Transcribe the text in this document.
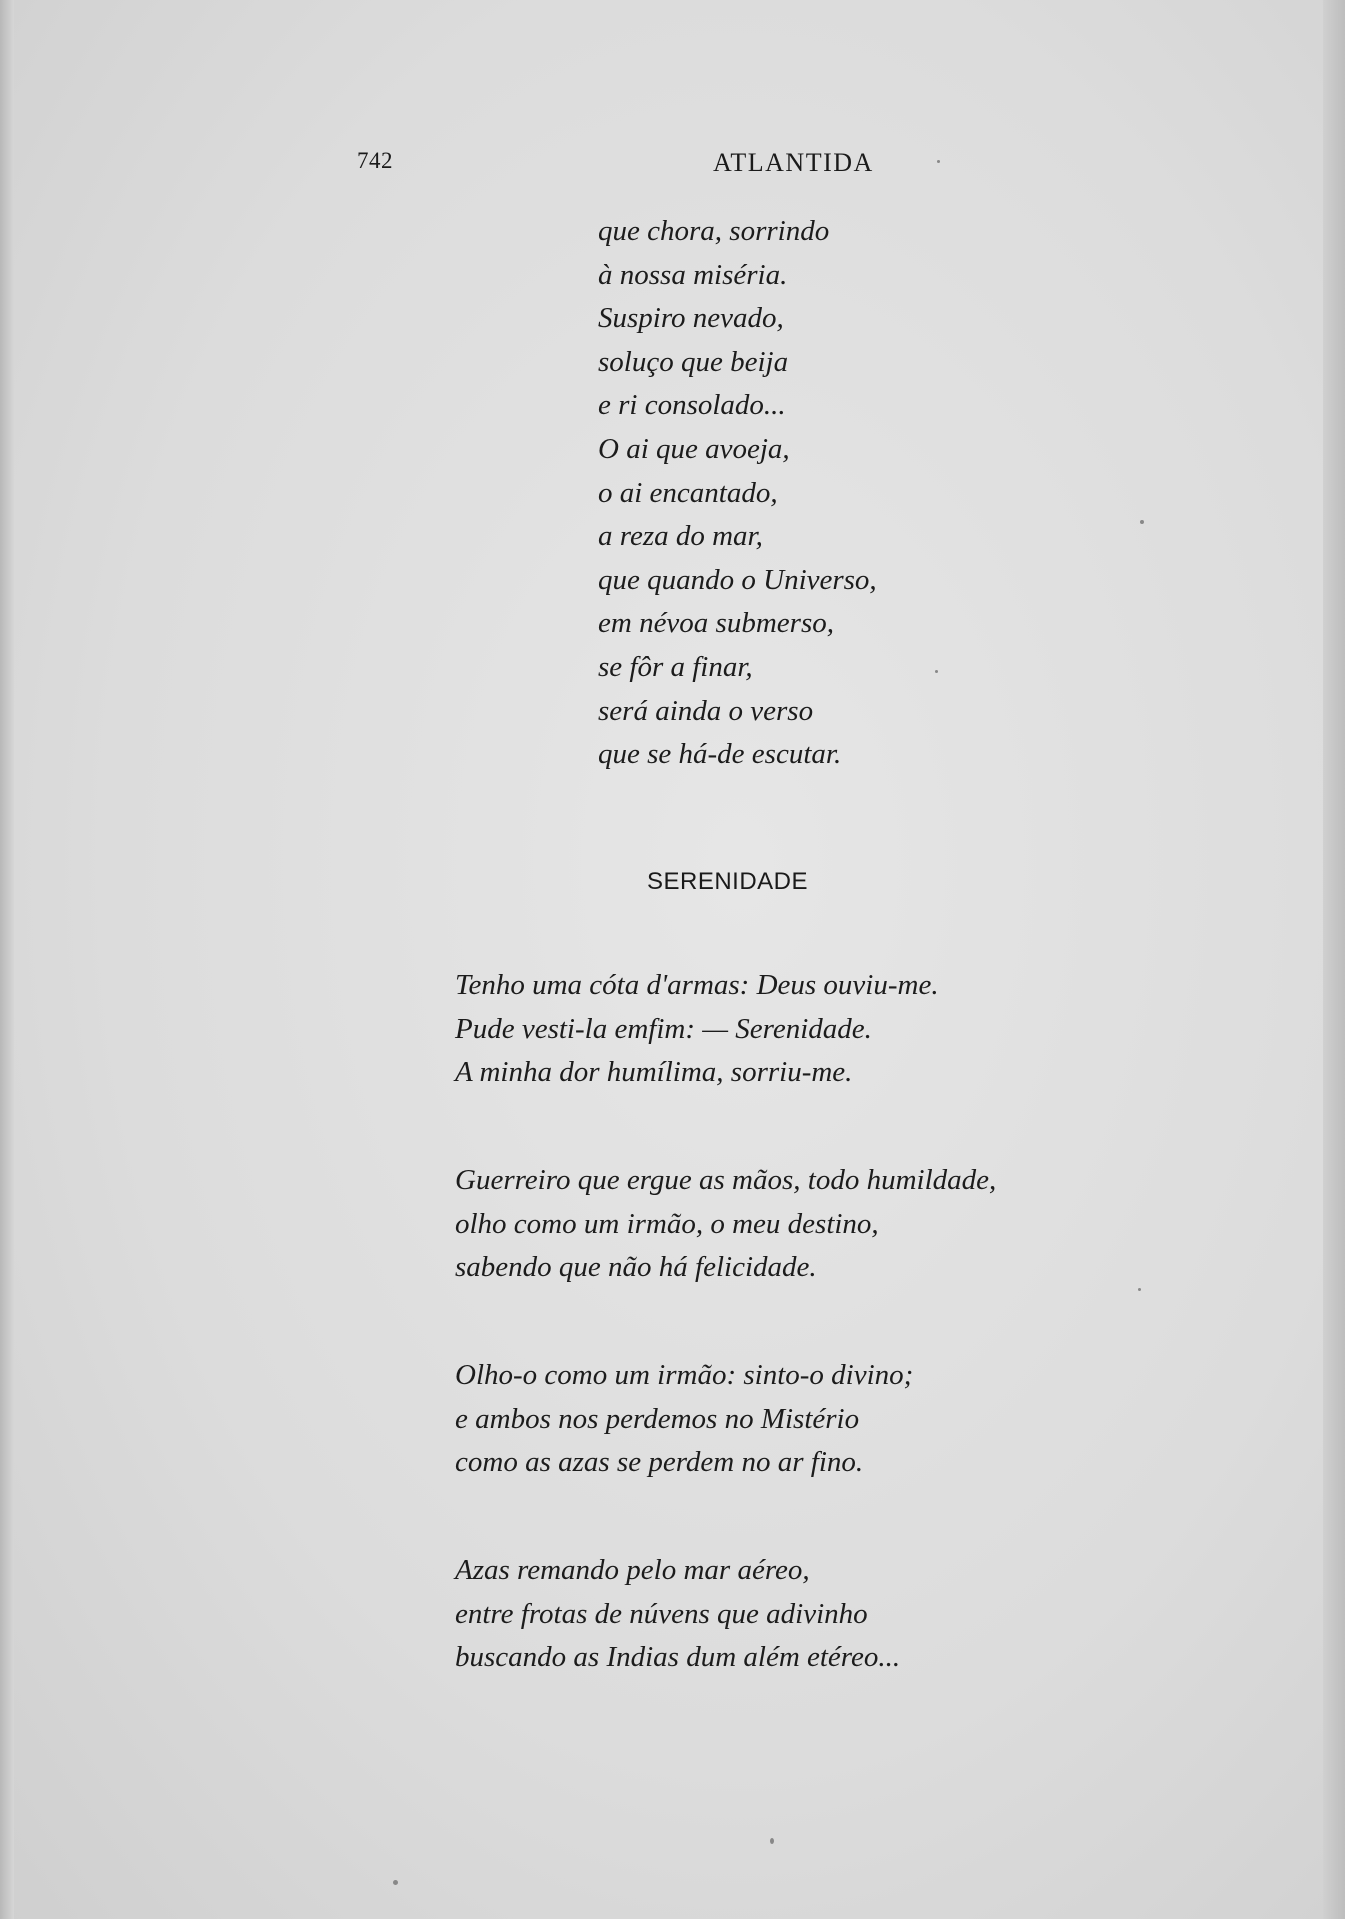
742	ATLANTIDA
que chora, sorrindo
à nossa miséria.
Suspiro nevado,
soluço que beija
e ri consolado...
O ai que avoeja,
o ai encantado,
a reza do mar,
que quando o Universo,
em névoa submerso,
se fôr a finar,
será ainda o verso
que se há-de escutar.
SERENIDADE
Tenho uma cóta d'armas: Deus ouviu-me.
Pude vesti-la emfim: — Serenidade.
A minha dor humílima, sorriu-me.
Guerreiro que ergue as mãos, todo humildade,
olho como um irmão, o meu destino,
sabendo que não há felicidade.
Olho-o como um irmão: sinto-o divino;
e ambos nos perdemos no Mistério
como as azas se perdem no ar fino.
Azas remando pelo mar aéreo,
entre frotas de núvens que adivinho
buscando as Indias dum além etéreo...
